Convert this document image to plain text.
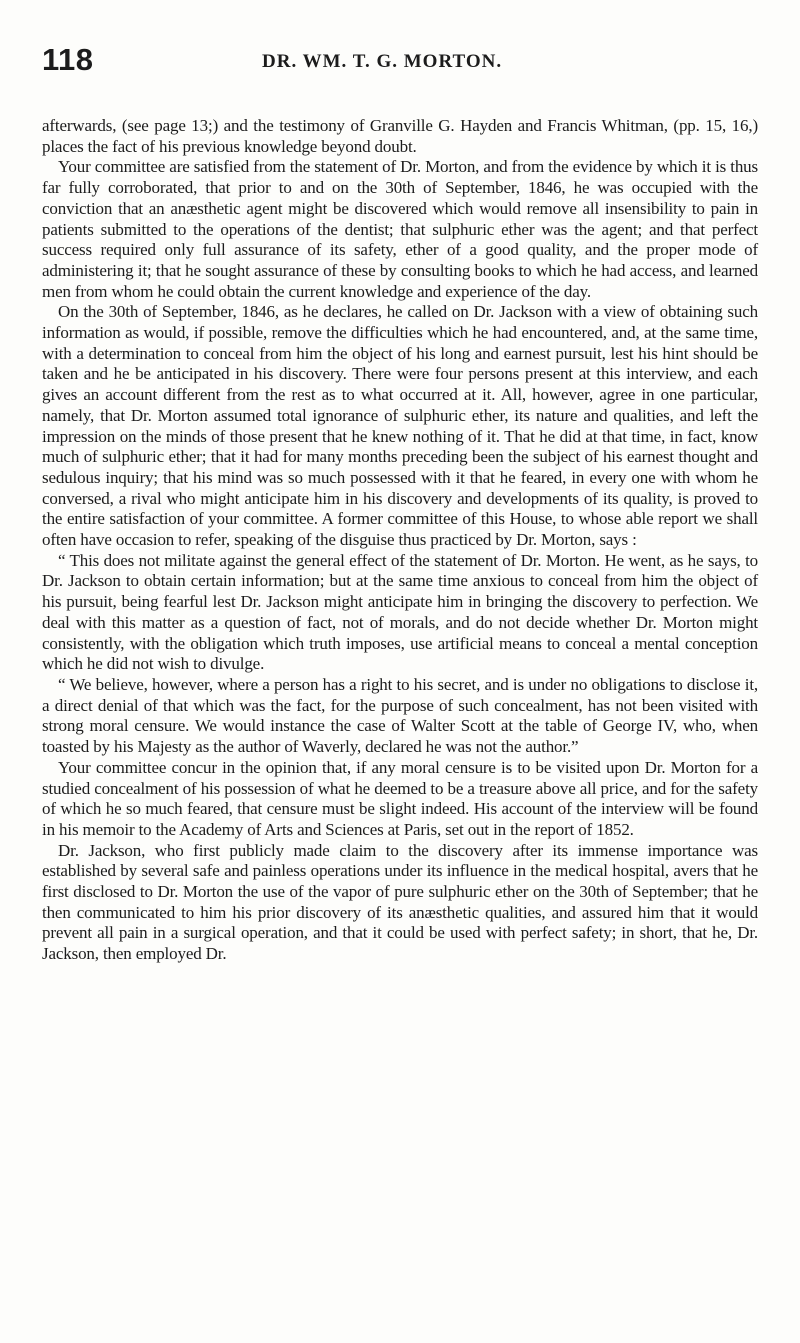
118	DR. WM. T. G. MORTON.

afterwards, (see page 13;) and the testimony of Granville G. Hayden and Francis Whitman, (pp. 15, 16,) places the fact of his previous knowledge beyond doubt.

Your committee are satisfied from the statement of Dr. Morton, and from the evidence by which it is thus far fully corroborated, that prior to and on the 30th of September, 1846, he was occupied with the conviction that an anæsthetic agent might be discovered which would remove all insensibility to pain in patients submitted to the operations of the dentist; that sulphuric ether was the agent; and that perfect success required only full assurance of its safety, ether of a good quality, and the proper mode of administering it; that he sought assurance of these by consulting books to which he had access, and learned men from whom he could obtain the current knowledge and experience of the day.

On the 30th of September, 1846, as he declares, he called on Dr. Jackson with a view of obtaining such information as would, if possible, remove the difficulties which he had encountered, and, at the same time, with a determination to conceal from him the object of his long and earnest pursuit, lest his hint should be taken and he be anticipated in his discovery. There were four persons present at this interview, and each gives an account different from the rest as to what occurred at it. All, however, agree in one particular, namely, that Dr. Morton assumed total ignorance of sulphuric ether, its nature and qualities, and left the impression on the minds of those present that he knew nothing of it. That he did at that time, in fact, know much of sulphuric ether; that it had for many months preceding been the subject of his earnest thought and sedulous inquiry; that his mind was so much possessed with it that he feared, in every one with whom he conversed, a rival who might anticipate him in his discovery and developments of its quality, is proved to the entire satisfaction of your committee. A former committee of this House, to whose able report we shall often have occasion to refer, speaking of the disguise thus practiced by Dr. Morton, says :

“ This does not militate against the general effect of the statement of Dr. Morton. He went, as he says, to Dr. Jackson to obtain certain information; but at the same time anxious to conceal from him the object of his pursuit, being fearful lest Dr. Jackson might anticipate him in bringing the discovery to perfection. We deal with this matter as a question of fact, not of morals, and do not decide whether Dr. Morton might consistently, with the obligation which truth imposes, use artificial means to conceal a mental conception which he did not wish to divulge.

“ We believe, however, where a person has a right to his secret, and is under no obligations to disclose it, a direct denial of that which was the fact, for the purpose of such concealment, has not been visited with strong moral censure. We would instance the case of Walter Scott at the table of George IV, who, when toasted by his Majesty as the author of Waverly, declared he was not the author.”

Your committee concur in the opinion that, if any moral censure is to be visited upon Dr. Morton for a studied concealment of his possession of what he deemed to be a treasure above all price, and for the safety of which he so much feared, that censure must be slight indeed. His account of the interview will be found in his memoir to the Academy of Arts and Sciences at Paris, set out in the report of 1852.

Dr. Jackson, who first publicly made claim to the discovery after its immense importance was established by several safe and painless operations under its influence in the medical hospital, avers that he first disclosed to Dr. Morton the use of the vapor of pure sulphuric ether on the 30th of September; that he then communicated to him his prior discovery of its anæsthetic qualities, and assured him that it would prevent all pain in a surgical operation, and that it could be used with perfect safety; in short, that he, Dr. Jackson, then employed Dr.
